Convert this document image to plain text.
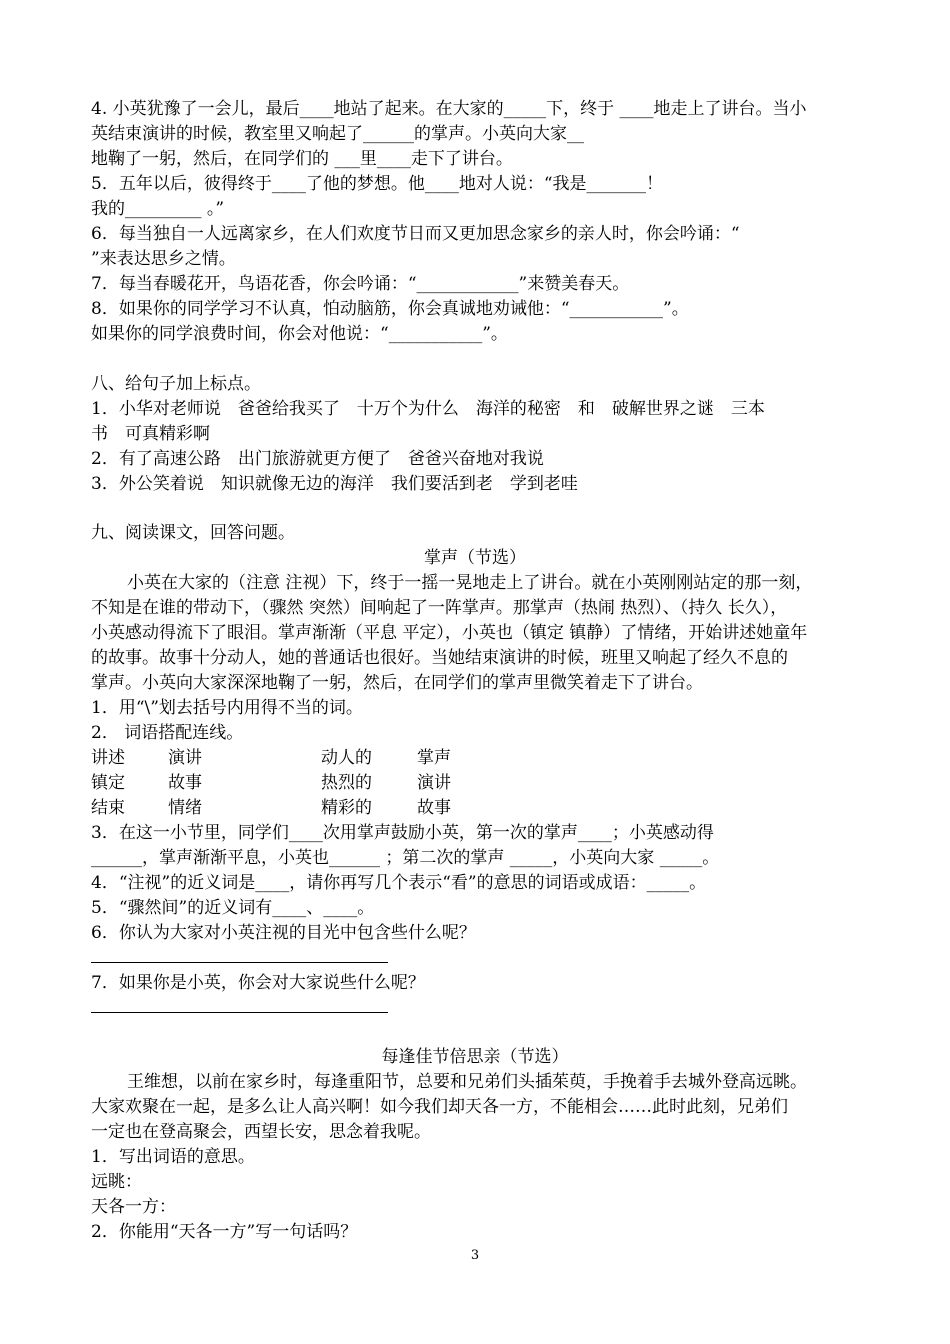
4. 小英犹豫了一会儿，最后____地站了起来。在大家的_____下，终于 ____地走上了讲台。当小
英结束演讲的时候，教室里又响起了______的掌声。小英向大家__
地鞠了一躬，然后，在同学们的 ___里____走下了讲台。
5．五年以后，彼得终于____了他的梦想。他____地对人说：“我是_______！
我的_________ 。”
6．每当独自一人远离家乡，在人们欢度节日而又更加思念家乡的亲人时，你会吟诵：“
”来表达思乡之情。
7．每当春暖花开，鸟语花香，你会吟诵：“____________”来赞美春天。
8．如果你的同学学习不认真，怕动脑筋，你会真诚地劝诫他：“___________”。
如果你的同学浪费时间，你会对他说：“___________”。
八、给句子加上标点。
1．小华对老师说　爸爸给我买了　十万个为什么　海洋的秘密　和　破解世界之谜　三本
书　可真精彩啊
2．有了高速公路　出门旅游就更方便了　爸爸兴奋地对我说
3．外公笑着说　知识就像无边的海洋　我们要活到老　学到老哇
九、阅读课文，回答问题。
掌声（节选）
小英在大家的（注意 注视）下，终于一摇一晃地走上了讲台。就在小英刚刚站定的那一刻，
不知是在谁的带动下，（骤然 突然）间响起了一阵掌声。那掌声（热闹 热烈）、（持久 长久），
小英感动得流下了眼泪。掌声渐渐（平息 平定），小英也（镇定 镇静）了情绪，开始讲述她童年
的故事。故事十分动人，她的普通话也很好。当她结束演讲的时候，班里又响起了经久不息的
掌声。小英向大家深深地鞠了一躬，然后，在同学们的掌声里微笑着走下了讲台。
1．用“\”划去括号内用得不当的词。
2． 词语搭配连线。
讲述	演讲	动人的	掌声
镇定	故事	热烈的	演讲
结束	情绪	精彩的	故事
3．在这一小节里，同学们____次用掌声鼓励小英，第一次的掌声____；小英感动得
______，掌声渐渐平息，小英也______ ；第二次的掌声 _____，小英向大家 _____。
4．“注视”的近义词是____，请你再写几个表示“看”的意思的词语或成语：_____。
5．“骤然间”的近义词有____、____。
6．你认为大家对小英注视的目光中包含些什么呢？
7．如果你是小英，你会对大家说些什么呢？
每逢佳节倍思亲（节选）
王维想，以前在家乡时，每逢重阳节，总要和兄弟们头插茱萸，手挽着手去城外登高远眺。
大家欢聚在一起，是多么让人高兴啊！如今我们却天各一方，不能相会……此时此刻，兄弟们
一定也在登高聚会，西望长安，思念着我呢。
1．写出词语的意思。
远眺：
天各一方：
2．你能用“天各一方”写一句话吗？
3
